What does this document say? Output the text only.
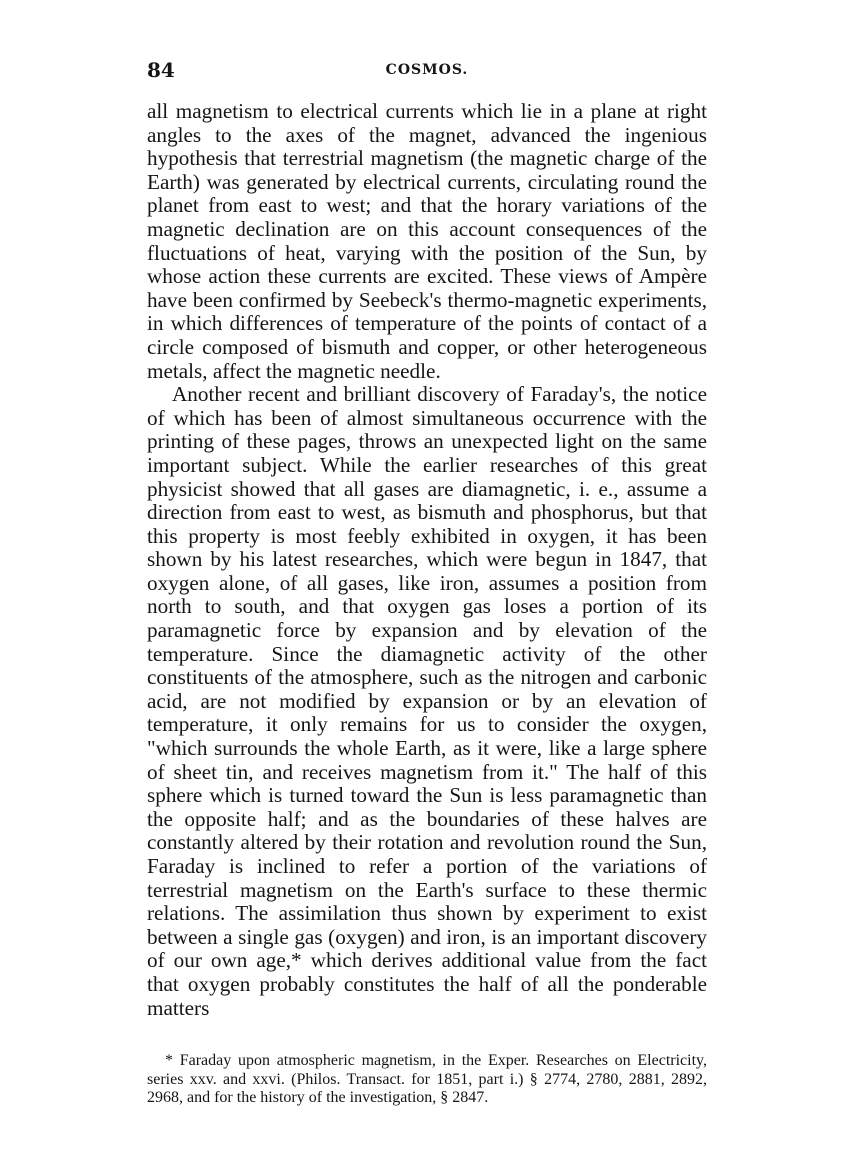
84	COSMOS.

all magnetism to electrical currents which lie in a plane at right angles to the axes of the magnet, advanced the ingenious hypothesis that terrestrial magnetism (the magnetic charge of the Earth) was generated by electrical currents, circulating round the planet from east to west; and that the horary variations of the magnetic declination are on this account consequences of the fluctuations of heat, varying with the position of the Sun, by whose action these currents are excited. These views of Ampère have been confirmed by Seebeck's thermo-magnetic experiments, in which differences of temperature of the points of contact of a circle composed of bismuth and copper, or other heterogeneous metals, affect the magnetic needle.

Another recent and brilliant discovery of Faraday's, the notice of which has been of almost simultaneous occurrence with the printing of these pages, throws an unexpected light on the same important subject. While the earlier researches of this great physicist showed that all gases are diamagnetic, i. e., assume a direction from east to west, as bismuth and phosphorus, but that this property is most feebly exhibited in oxygen, it has been shown by his latest researches, which were begun in 1847, that oxygen alone, of all gases, like iron, assumes a position from north to south, and that oxygen gas loses a portion of its paramagnetic force by expansion and by elevation of the temperature. Since the diamagnetic activity of the other constituents of the atmosphere, such as the nitrogen and carbonic acid, are not modified by expansion or by an elevation of temperature, it only remains for us to consider the oxygen, "which surrounds the whole Earth, as it were, like a large sphere of sheet tin, and receives magnetism from it." The half of this sphere which is turned toward the Sun is less paramagnetic than the opposite half; and as the boundaries of these halves are constantly altered by their rotation and revolution round the Sun, Faraday is inclined to refer a portion of the variations of terrestrial magnetism on the Earth's surface to these thermic relations. The assimilation thus shown by experiment to exist between a single gas (oxygen) and iron, is an important discovery of our own age,* which derives additional value from the fact that oxygen probably constitutes the half of all the ponderable matters

* Faraday upon atmospheric magnetism, in the Exper. Researches on Electricity, series xxv. and xxvi. (Philos. Transact. for 1851, part i.) § 2774, 2780, 2881, 2892, 2968, and for the history of the investigation, § 2847.
